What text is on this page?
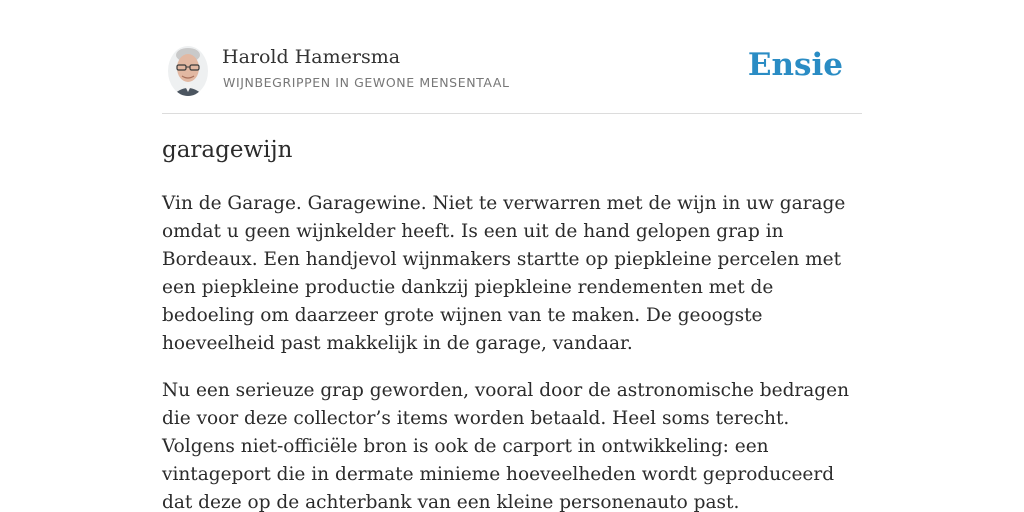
Harold Hamersma
WIJNBEGRIPPEN IN GEWONE MENSENTAAL	Ensie
garagewijn

Vin de Garage. Garagewine. Niet te verwarren met de wijn in uw garage omdat u geen wijnkelder heeft. Is een uit de hand gelopen grap in Bordeaux. Een handjevol wijnmakers startte op piepkleine percelen met een piepkleine productie dankzij piepkleine rendementen met de bedoeling om daarzeer grote wijnen van te maken. De geoogste hoeveelheid past makkelijk in de garage, vandaar.

Nu een serieuze grap geworden, vooral door de astronomische bedragen die voor deze collector’s items worden betaald. Heel soms terecht. Volgens niet-officiële bron is ook de carport in ontwikkeling: een vintageport die in dermate minieme hoeveelheden wordt geproduceerd dat deze op de achterbank van een kleine personenauto past.
